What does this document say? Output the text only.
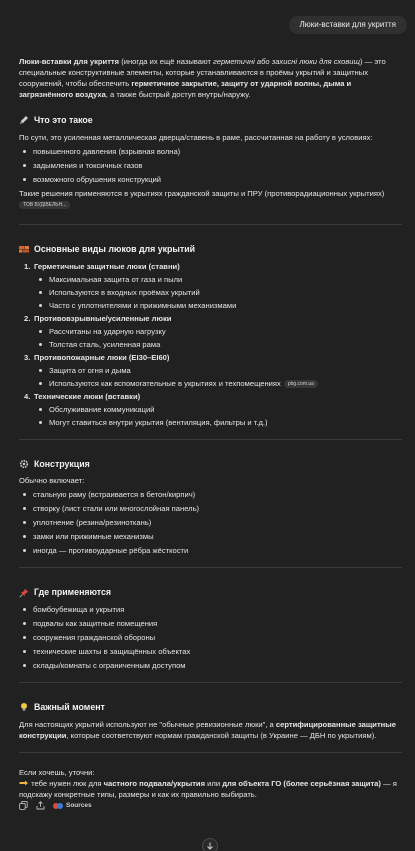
Люки-вставки для укриття

Люки-вставки для укриття (иногда их ещё называют герметичні або захисні люки для сховищ) — это специальные конструктивные элементы, которые устанавливаются в проёмы укрытий и защитных сооружений, чтобы обеспечить герметичное закрытие, защиту от ударной волны, дыма и загрязнённого воздуха, а также быстрый доступ внутрь/наружу.

Что это такое

По сути, это усиленная металлическая дверца/ставень в раме, рассчитанная на работу в условиях:

повышенного давления (взрывная волна)
задымления и токсичных газов
возможного обрушения конструкций

Такие решения применяются в укрытиях гражданской защиты и ПРУ (противорадиационных укрытиях)

ТОВ БУДІВЕЛЬН...

Основные виды люков для укрытий
1. Герметичные защитные люки (ставни)
Максимальная защита от газа и пыли
Используются в входных проёмах укрытий
Часто с уплотнителями и прижимными механизмами
2. Противовзрывные/усиленные люки
Рассчитаны на ударную нагрузку
Толстая сталь, усиленная рама
3. Противопожарные люки (EI30–EI60)
Защита от огня и дыма
Используются как вспомогательные в укрытиях и техпомещениях pbg.com.ua
4. Технические люки (вставки)
Обслуживание коммуникаций
Могут ставиться внутри укрытия (вентиляция, фильтры и т.д.)
Конструкция

Обычно включает:

стальную раму (встраивается в бетон/кирпич)
створку (лист стали или многослойная панель)
уплотнение (резина/резиноткань)
замки или прижимные механизмы
иногда — противоударные рёбра жёсткости
Где применяются
бомбоубежища и укрытия
подвалы как защитные помещения
сооружения гражданской обороны
технические шахты в защищённых объектах
склады/комнаты с ограниченным доступом
Важный момент

Для настоящих укрытий используют не "обычные ревизионные люки", а сертифицированные защитные конструкции, которые соответствуют нормам гражданской защиты (в Украине — ДБН по укрытиям).

Если хочешь, уточни:

тебе нужен люк для частного подвала/укрытия или для объекта ГО (более серьёзная защита) — я подскажу конкретные типы, размеры и как их правильно выбирать.

Sources
